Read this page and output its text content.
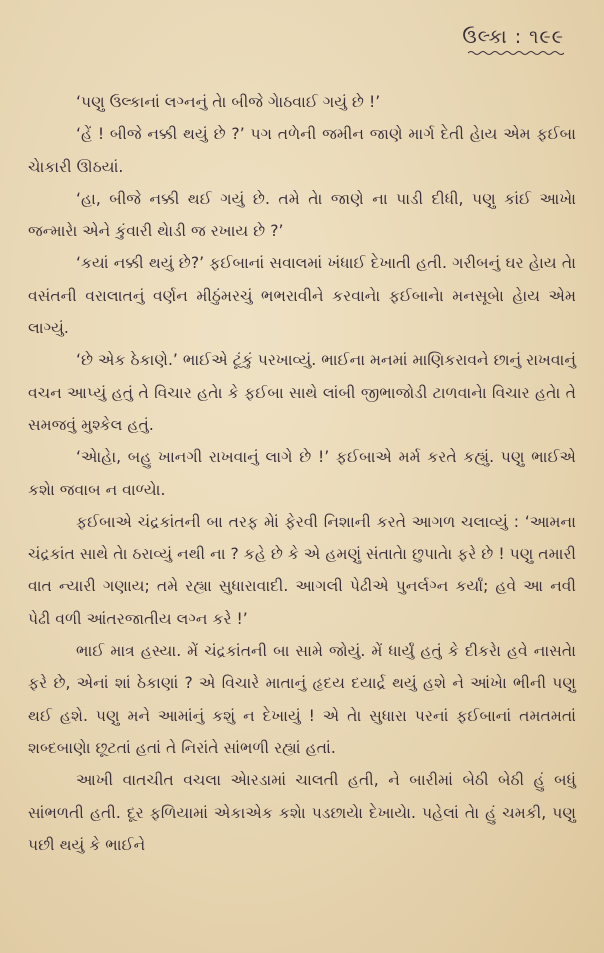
ઉલ્કા : ૧૯૯

‘પણુ ઉલ્કાનાં લગ્નનું તેા બીજે ગેાઠવાઈ ગયું છે !’

‘હેં ! બીજે નક્કી થયું છે ?’ પગ તળેની જમીન જાણે માર્ગ દેતી હેાય એમ ફઈબા ચેાકારી ઊઠયાં.

‘હા, બીજે નક્કી થઈ ગયું છે. તમે તેા જાણે ના પાડી દીધી, પણુ કાંઈ આખેા જન્મારેા એને કુંવારી થેાડી જ રખાય છે ?’

‘કયાં નક્કી થયું છે?’ ફઈબાનાં સવાલમાં ખંધાઈ દેખાતી હતી. ગરીબનું ઘર હેાય તેા વસંતની વરાલાતનું વર્ણન મીઠુંમરચું ભભરાવીને કરવાનેા ફઈબાનેા મનસૂબેા હેાય એમ લાગ્યું.

‘છે એક ઠેકાણે.’ ભાઈએ ટૂંકું પરખાવ્યું. ભાઈના મનમાં માણિકરાવને છાનું રાખવાનું વચન આપ્યું હતું તે વિચાર હતેા કે ફઈબા સાથે લાંબી જીભાજોડી ટાળવાનેા વિચાર હતેા તે સમજવું મુશ્કેલ હતું.

‘એાહેા, બહુ ખાનગી રાખવાનું લાગે છે !’ ફઈબાએ મર્મ કરતે કહ્યું. પણુ ભાઈએ કશેા જવાબ ન વાળ્યેા.

ફઈબાએ ચંદ્રકાંતની બા તરફ મેાં ફેરવી નિશાની કરતે આગળ ચલાવ્યું : ‘આમના ચંદ્રકાંત સાથે તેા ઠરાવ્યું નથી ના ? કહે છે કે એ હમણું સંતાતેા છુપાતેા ફરે છે ! પણુ તમારી વાત ન્યારી ગણાય; તમે રહ્યા સુધારાવાદી. આગલી પેઢીએ પુનર્લગ્ન કર્યાં; હવે આ નવી પેઢી વળી આંતરજાતીય લગ્ન કરે !’

ભાઈ માત્ર હસ્યા. મેં ચંદ્રકાંતની બા સામે જોયું. મેં ધાર્યું હતું કે દીકરેા હવે નાસતેા ફરે છે, એનાં શાં ઠેકાણાં ? એ વિચારે માતાનું હૃદય દયાર્દ્ર થયું હશે ને આંખેા ભીની પણુ થઈ હશે. પણુ મને આમાંનું કશું ન દેખાયું ! એ તેા સુધારા પરનાં ફઈબાનાં તમતમતાં શબ્દબાણેા છૂટતાં હતાં તે નિરાંતે સાંભળી રહ્યાં હતાં.

આખી વાતચીત વચલા એારડામાં ચાલતી હતી, ને બારીમાં બેઠી બેઠી હું બધું સાંભળતી હતી. દૂર ફળિયામાં એકાએક કશેા પડછાયેા દેખાયેા. પહેલાં તેા હું ચમકી, પણુ પછી થયું કે ભાઈને
